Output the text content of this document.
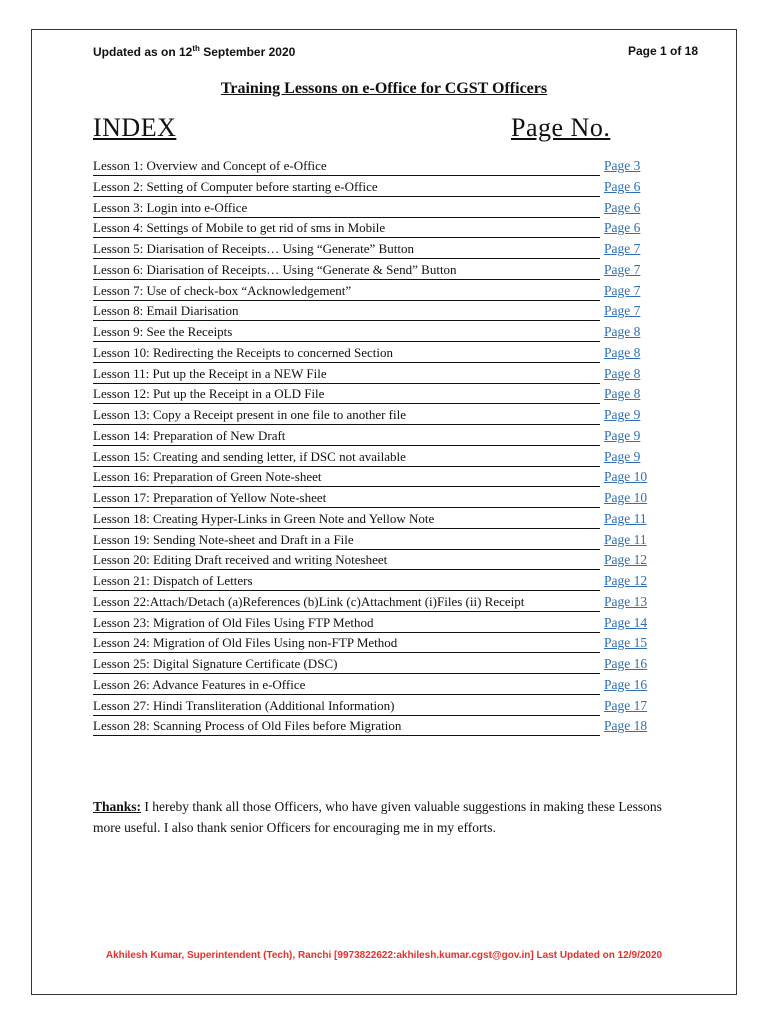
Updated as on 12th September 2020	Page 1 of 18
Training Lessons on e-Office for CGST Officers
INDEX	Page No.
Lesson 1: Overview and Concept of e-Office	Page 3
Lesson 2: Setting of Computer before starting e-Office	Page 6
Lesson 3: Login into e-Office	Page 6
Lesson 4: Settings of Mobile to get rid of sms in Mobile	Page 6
Lesson 5: Diarisation of Receipts… Using “Generate” Button	Page 7
Lesson 6: Diarisation of Receipts… Using “Generate & Send” Button	Page 7
Lesson 7: Use of check-box “Acknowledgement”	Page 7
Lesson 8: Email Diarisation	Page 7
Lesson 9: See the Receipts	Page 8
Lesson 10: Redirecting the Receipts to concerned Section	Page 8
Lesson 11: Put up the Receipt in a NEW File	Page 8
Lesson 12: Put up the Receipt in a OLD File	Page 8
Lesson 13: Copy a Receipt present in one file to another file	Page 9
Lesson 14: Preparation of New Draft	Page 9
Lesson 15: Creating and sending letter, if DSC not available	Page 9
Lesson 16: Preparation of Green Note-sheet	Page 10
Lesson 17: Preparation of Yellow Note-sheet	Page 10
Lesson 18: Creating Hyper-Links in Green Note and Yellow Note	Page 11
Lesson 19: Sending Note-sheet and Draft in a File	Page 11
Lesson 20: Editing Draft received and writing Notesheet	Page 12
Lesson 21: Dispatch of Letters	Page 12
Lesson 22:Attach/Detach (a)References (b)Link (c)Attachment (i)Files (ii) Receipt	Page 13
Lesson 23: Migration of Old Files Using FTP Method	Page 14
Lesson 24: Migration of Old Files Using non-FTP Method	Page 15
Lesson 25: Digital Signature Certificate (DSC)	Page 16
Lesson 26: Advance Features in e-Office	Page 16
Lesson 27: Hindi Transliteration (Additional Information)	Page 17
Lesson 28: Scanning Process of Old Files before Migration	Page 18
Thanks: I hereby thank all those Officers, who have given valuable suggestions in making these Lessons more useful. I also thank senior Officers for encouraging me in my efforts.
Akhilesh Kumar, Superintendent (Tech), Ranchi [9973822622:akhilesh.kumar.cgst@gov.in] Last Updated on 12/9/2020
